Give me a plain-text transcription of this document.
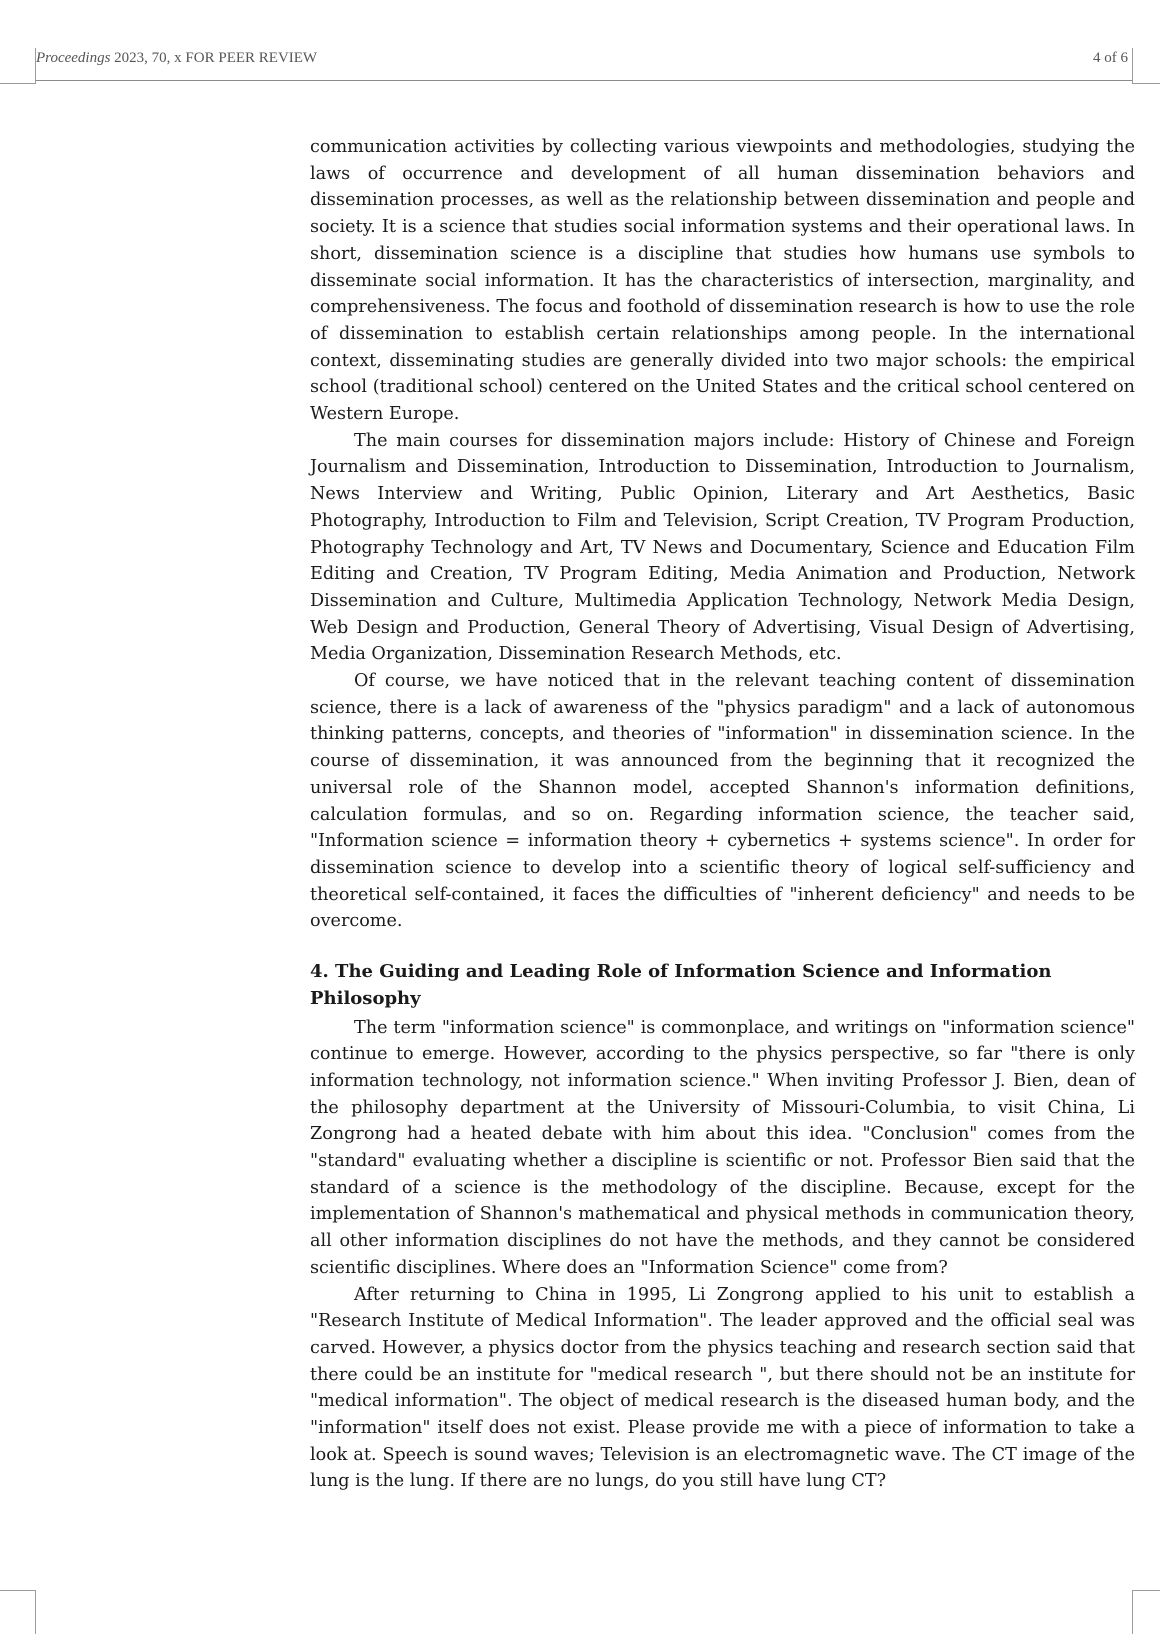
Proceedings 2023, 70, x FOR PEER REVIEW	4 of 6

communication activities by collecting various viewpoints and methodologies, studying the laws of occurrence and development of all human dissemination behaviors and dissemination processes, as well as the relationship between dissemination and people and society. It is a science that studies social information systems and their operational laws. In short, dissemination science is a discipline that studies how humans use symbols to disseminate social information. It has the characteristics of intersection, marginality, and comprehensiveness. The focus and foothold of dissemination research is how to use the role of dissemination to establish certain relationships among people. In the international context, disseminating studies are generally divided into two major schools: the empirical school (traditional school) centered on the United States and the critical school centered on Western Europe.

The main courses for dissemination majors include: History of Chinese and Foreign Journalism and Dissemination, Introduction to Dissemination, Introduction to Journalism, News Interview and Writing, Public Opinion, Literary and Art Aesthetics, Basic Photography, Introduction to Film and Television, Script Creation, TV Program Production, Photography Technology and Art, TV News and Documentary, Science and Education Film Editing and Creation, TV Program Editing, Media Animation and Production, Network Dissemination and Culture, Multimedia Application Technology, Network Media Design, Web Design and Production, General Theory of Advertising, Visual Design of Advertising, Media Organization, Dissemination Research Methods, etc.

Of course, we have noticed that in the relevant teaching content of dissemination science, there is a lack of awareness of the "physics paradigm" and a lack of autonomous thinking patterns, concepts, and theories of "information" in dissemination science. In the course of dissemination, it was announced from the beginning that it recognized the universal role of the Shannon model, accepted Shannon's information definitions, calculation formulas, and so on. Regarding information science, the teacher said, "Information science = information theory + cybernetics + systems science". In order for dissemination science to develop into a scientific theory of logical self-sufficiency and theoretical self-contained, it faces the difficulties of "inherent deficiency" and needs to be overcome.

4. The Guiding and Leading Role of Information Science and Information Philosophy

The term "information science" is commonplace, and writings on "information science" continue to emerge. However, according to the physics perspective, so far "there is only information technology, not information science." When inviting Professor J. Bien, dean of the philosophy department at the University of Missouri-Columbia, to visit China, Li Zongrong had a heated debate with him about this idea. "Conclusion" comes from the "standard" evaluating whether a discipline is scientific or not. Professor Bien said that the standard of a science is the methodology of the discipline. Because, except for the implementation of Shannon's mathematical and physical methods in communication theory, all other information disciplines do not have the methods, and they cannot be considered scientific disciplines. Where does an "Information Science" come from?

After returning to China in 1995, Li Zongrong applied to his unit to establish a "Research Institute of Medical Information". The leader approved and the official seal was carved. However, a physics doctor from the physics teaching and research section said that there could be an institute for "medical research ", but there should not be an institute for "medical information". The object of medical research is the diseased human body, and the "information" itself does not exist. Please provide me with a piece of information to take a look at. Speech is sound waves; Television is an electromagnetic wave. The CT image of the lung is the lung. If there are no lungs, do you still have lung CT?
